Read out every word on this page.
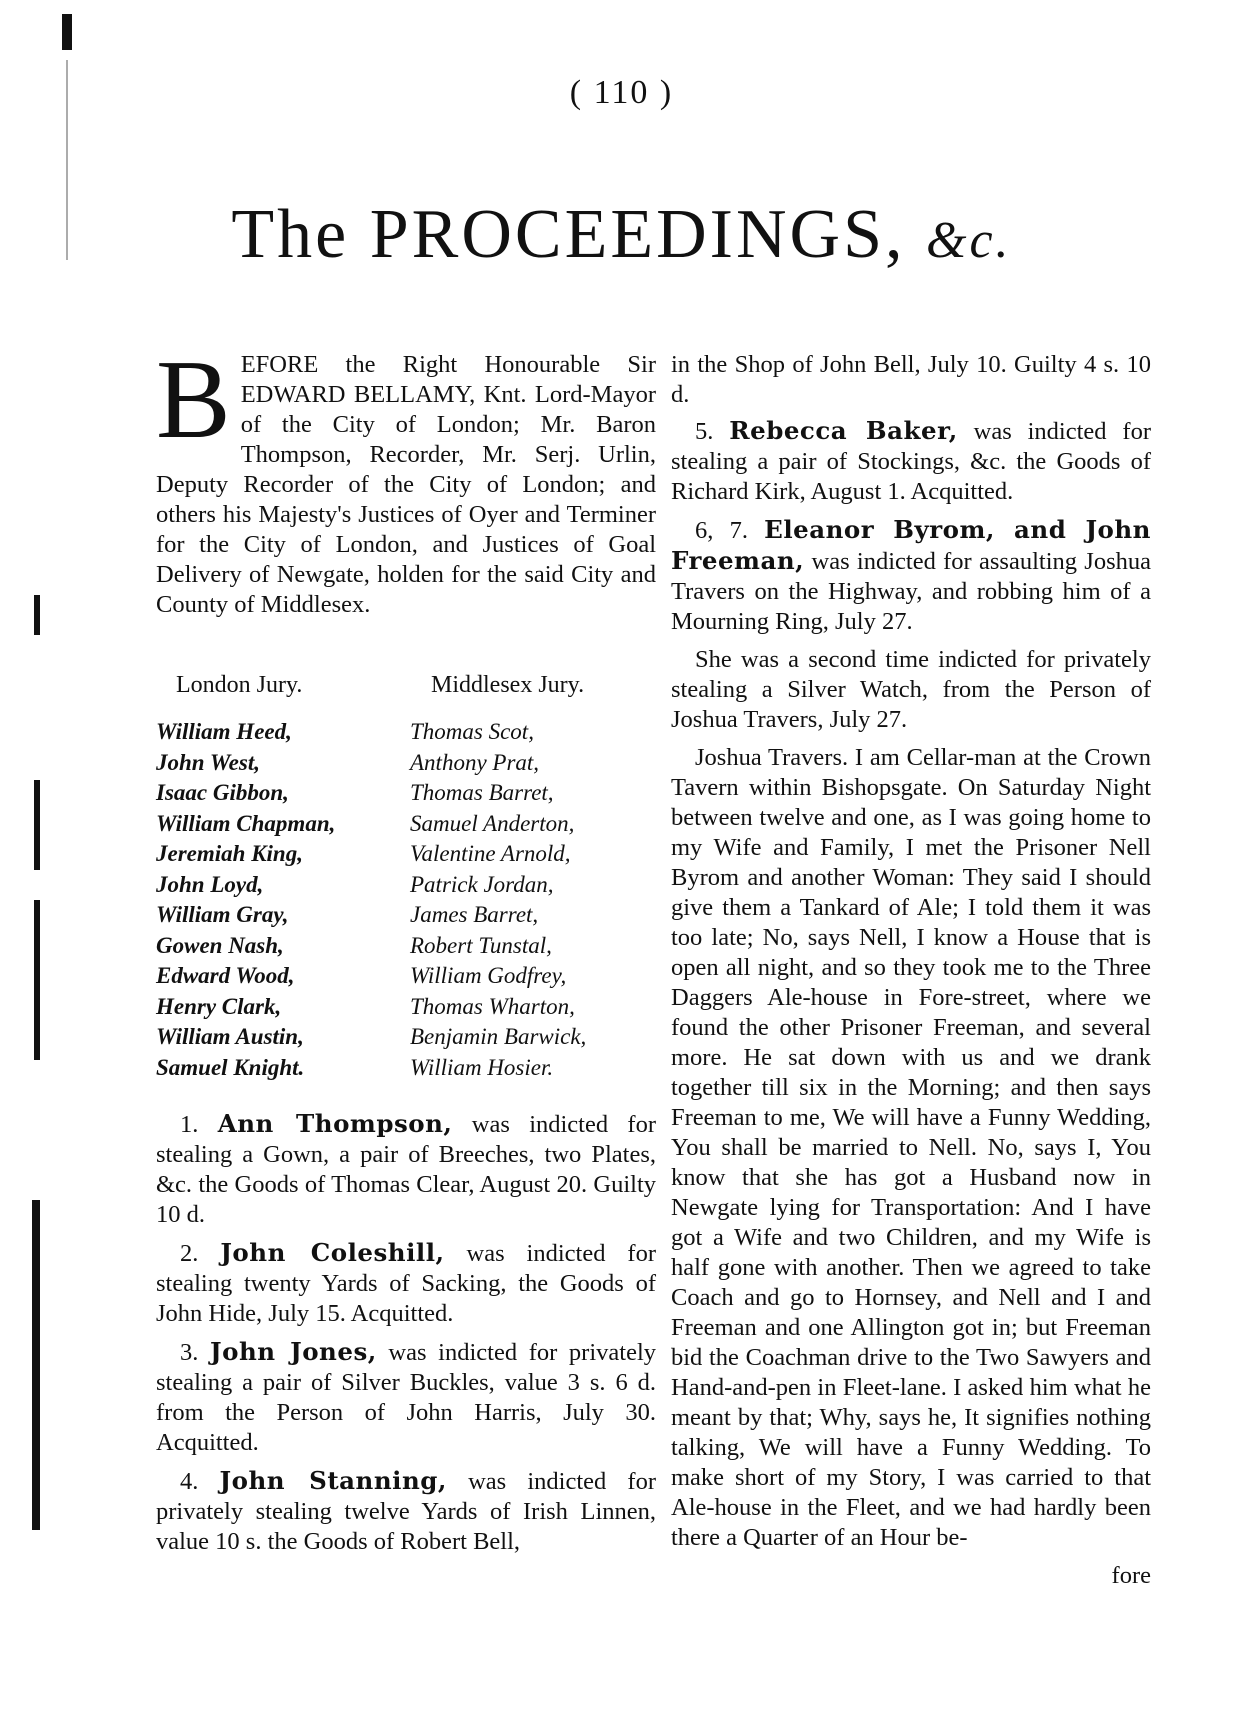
( 110 )
The PROCEEDINGS, &c.
B EFORE the Right Honourable Sir EDWARD BELLAMY, Knt. Lord-Mayor of the City of London; Mr. Baron Thompson, Recorder, Mr. Serj. Urlin, Deputy Recorder of the City of London; and others his Majesty's Justices of Oyer and Terminer for the City of London, and Justices of Goal Delivery of Newgate, holden for the said City and County of Middlesex.

London Jury.	Middlesex Jury.
William Heed,
John West,
Isaac Gibbon,
William Chapman,
Jeremiah King,
John Loyd,
William Gray,
Gowen Nash,
Edward Wood,
Henry Clark,
William Austin,
Samuel Knight.
Thomas Scot,
Anthony Prat,
Thomas Barret,
Samuel Anderton,
Valentine Arnold,
Patrick Jordan,
James Barret,
Robert Tunstal,
William Godfrey,
Thomas Wharton,
Benjamin Barwick,
William Hosier.

1. Ann Thompson, was indicted for stealing a Gown, a pair of Breeches, two Plates, &c. the Goods of Thomas Clear, August 20. Guilty 10 d.

2. John Coleshill, was indicted for stealing twenty Yards of Sacking, the Goods of John Hide, July 15. Acquitted.

3. John Jones, was indicted for privately stealing a pair of Silver Buckles, value 3 s. 6 d. from the Person of John Harris, July 30. Acquitted.

4. John Stanning, was indicted for privately stealing twelve Yards of Irish Linnen, value 10 s. the Goods of Robert Bell,

in the Shop of John Bell, July 10. Guilty 4 s. 10 d.

5. Rebecca Baker, was indicted for stealing a pair of Stockings, &c. the Goods of Richard Kirk, August 1. Acquitted.

6, 7. Eleanor Byrom, and John Freeman, was indicted for assaulting Joshua Travers on the Highway, and robbing him of a Mourning Ring, July 27.

She was a second time indicted for privately stealing a Silver Watch, from the Person of Joshua Travers, July 27.

Joshua Travers. I am Cellar-man at the Crown Tavern within Bishopsgate. On Saturday Night between twelve and one, as I was going home to my Wife and Family, I met the Prisoner Nell Byrom and another Woman: They said I should give them a Tankard of Ale; I told them it was too late; No, says Nell, I know a House that is open all night, and so they took me to the Three Daggers Ale-house in Fore-street, where we found the other Prisoner Freeman, and several more. He sat down with us and we drank together till six in the Morning; and then says Freeman to me, We will have a Funny Wedding, You shall be married to Nell. No, says I, You know that she has got a Husband now in Newgate lying for Transportation: And I have got a Wife and two Children, and my Wife is half gone with another. Then we agreed to take Coach and go to Hornsey, and Nell and I and Freeman and one Allington got in; but Freeman bid the Coachman drive to the Two Sawyers and Hand-and-pen in Fleet-lane. I asked him what he meant by that; Why, says he, It signifies nothing talking, We will have a Funny Wedding. To make short of my Story, I was carried to that Ale-house in the Fleet, and we had hardly been there a Quarter of an Hour be-

fore
